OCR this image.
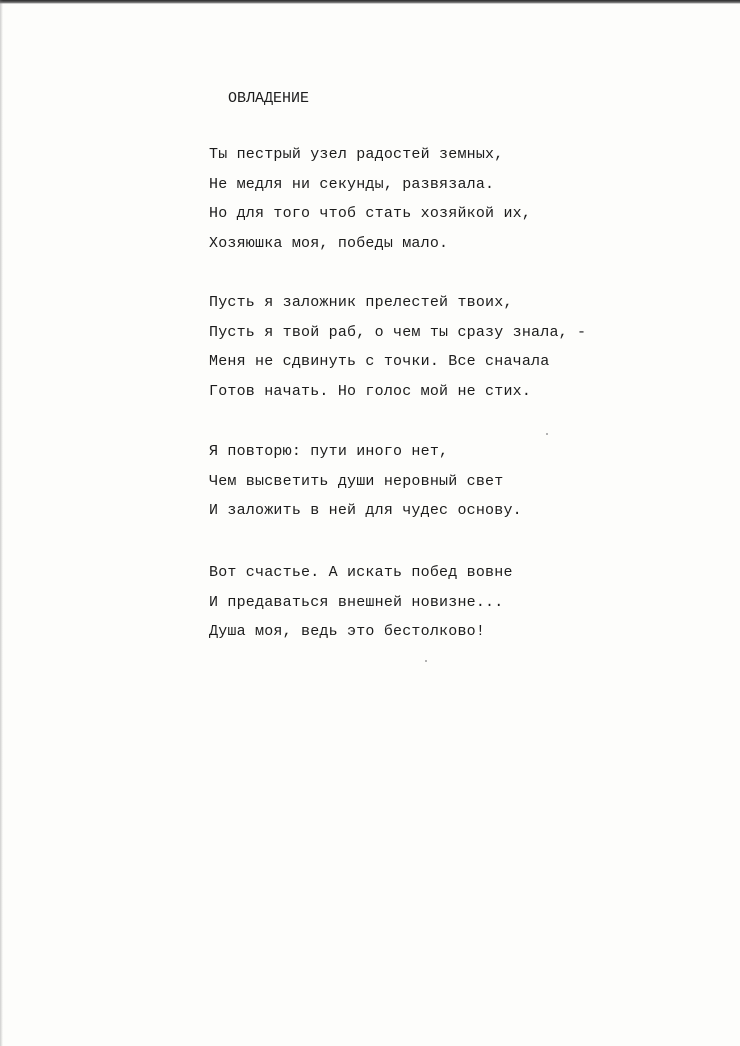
ОВЛАДЕНИЕ
Ты пестрый узел радостей земных,
Не медля ни секунды, развязала.
Но для того чтоб стать хозяйкой их,
Хозяюшка моя, победы мало.
Пусть я заложник прелестей твоих,
Пусть я твой раб, о чем ты сразу знала, -
Меня не сдвинуть с точки. Все сначала
Готов начать. Но голос мой не стих.
Я повторю: пути иного нет,
Чем высветить души неровный свет
И заложить в ней для чудес основу.
Вот счастье. А искать побед вовне
И предаваться внешней новизне...
Душа моя, ведь это бестолково!
